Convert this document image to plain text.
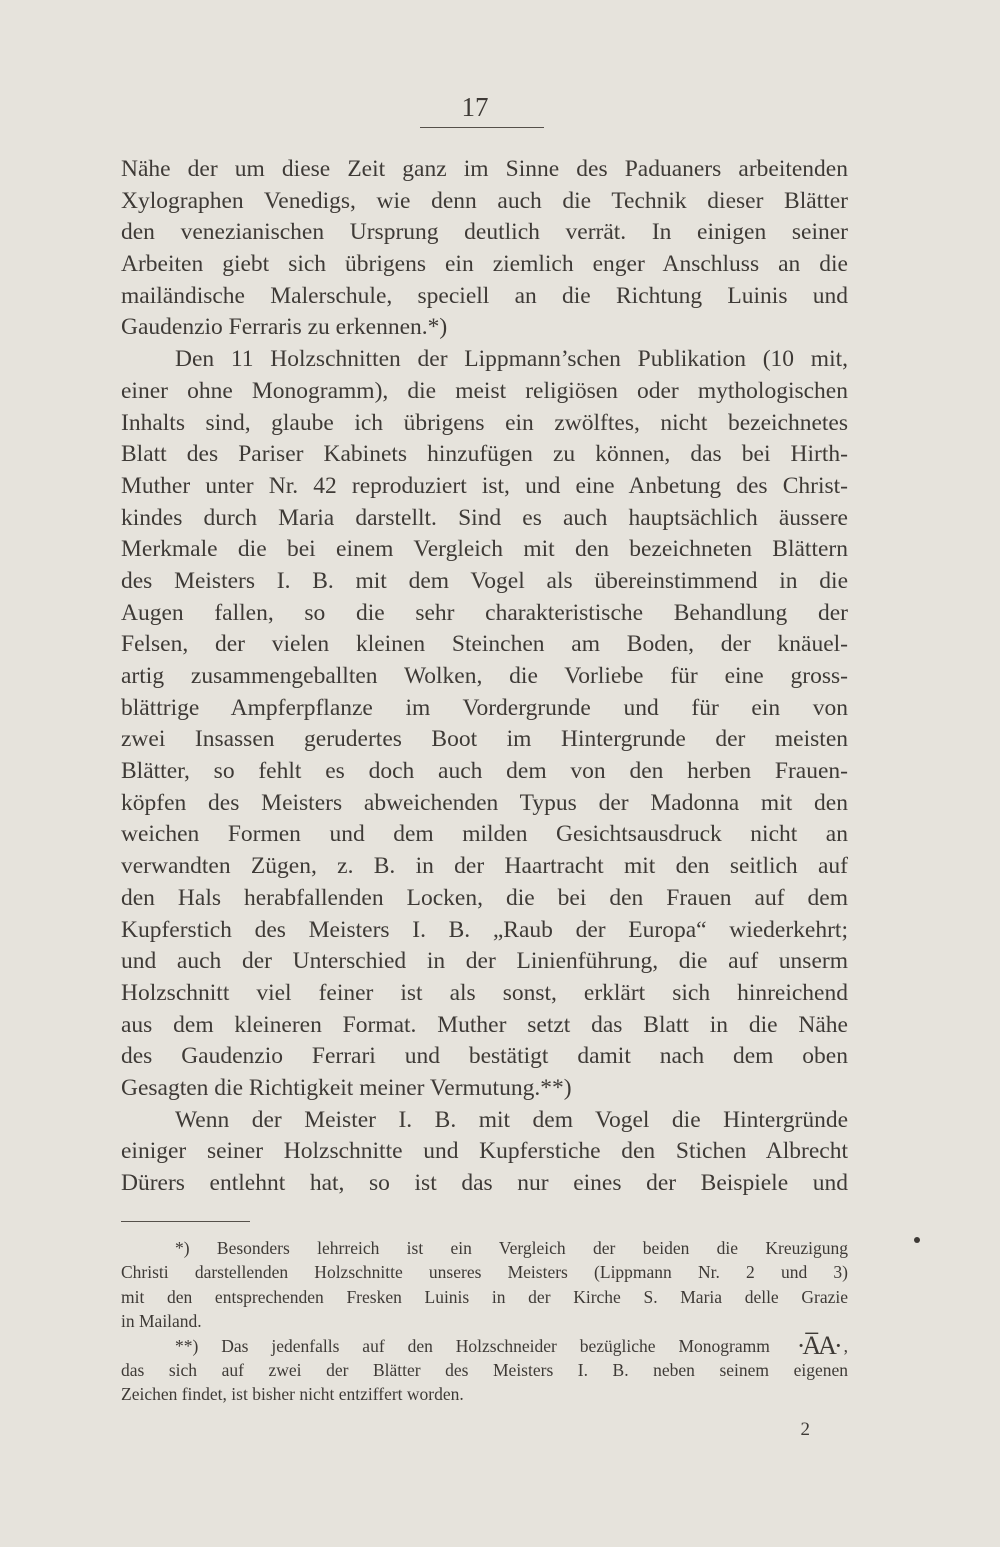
17
Nähe der um diese Zeit ganz im Sinne des Paduaners arbeitenden
Xylographen Venedigs, wie denn auch die Technik dieser Blätter
den venezianischen Ursprung deutlich verrät. In einigen seiner
Arbeiten giebt sich übrigens ein ziemlich enger Anschluss an die
mailändische Malerschule, speciell an die Richtung Luinis und
Gaudenzio Ferraris zu erkennen.*)
Den 11 Holzschnitten der Lippmann’schen Publikation (10 mit,
einer ohne Monogramm), die meist religiösen oder mythologischen
Inhalts sind, glaube ich übrigens ein zwölftes, nicht bezeichnetes
Blatt des Pariser Kabinets hinzufügen zu können, das bei Hirth-
Muther unter Nr. 42 reproduziert ist, und eine Anbetung des Christ-
kindes durch Maria darstellt. Sind es auch hauptsächlich äussere
Merkmale die bei einem Vergleich mit den bezeichneten Blättern
des Meisters I. B. mit dem Vogel als übereinstimmend in die
Augen fallen, so die sehr charakteristische Behandlung der
Felsen, der vielen kleinen Steinchen am Boden, der knäuel-
artig zusammengeballten Wolken, die Vorliebe für eine gross-
blättrige Ampferpflanze im Vordergrunde und für ein von
zwei Insassen gerudertes Boot im Hintergrunde der meisten
Blätter, so fehlt es doch auch dem von den herben Frauen-
köpfen des Meisters abweichenden Typus der Madonna mit den
weichen Formen und dem milden Gesichtsausdruck nicht an
verwandten Zügen, z. B. in der Haartracht mit den seitlich auf
den Hals herabfallenden Locken, die bei den Frauen auf dem
Kupferstich des Meisters I. B. „Raub der Europa“ wiederkehrt;
und auch der Unterschied in der Linienführung, die auf unserm
Holzschnitt viel feiner ist als sonst, erklärt sich hinreichend
aus dem kleineren Format. Muther setzt das Blatt in die Nähe
des Gaudenzio Ferrari und bestätigt damit nach dem oben
Gesagten die Richtigkeit meiner Vermutung.**)
Wenn der Meister I. B. mit dem Vogel die Hintergründe
einiger seiner Holzschnitte und Kupferstiche den Stichen Albrecht
Dürers entlehnt hat, so ist das nur eines der Beispiele und
*) Besonders lehrreich ist ein Vergleich der beiden die Kreuzigung
Christi darstellenden Holzschnitte unseres Meisters (Lippmann Nr. 2 und 3)
mit den entsprechenden Fresken Luinis in der Kirche S. Maria delle Grazie
in Mailand.
**) Das jedenfalls auf den Holzschneider bezügliche Monogramm ·A̅A· ,
das sich auf zwei der Blätter des Meisters I. B. neben seinem eigenen
Zeichen findet, ist bisher nicht entziffert worden.
2
